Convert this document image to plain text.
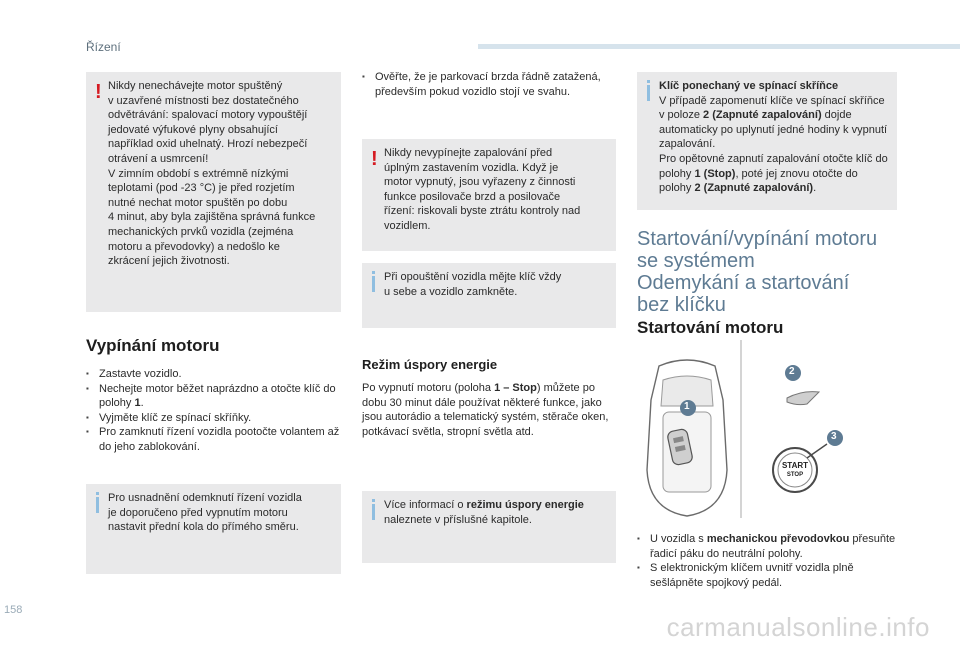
Řízení
! Nikdy nenechávejte motor spuštěný
v uzavřené místnosti bez dostatečného
odvětrávání: spalovací motory vypouštějí
jedovaté výfukové plyny obsahující
například oxid uhelnatý. Hrozí nebezpečí
otrávení a usmrcení!
V zimním období s extrémně nízkými
teplotami (pod -23 °C) je před rozjetím
nutné nechat motor spuštěn po dobu
4 minut, aby byla zajištěna správná funkce
mechanických prvků vozidla (zejména
motoru a převodovky) a nedošlo ke
zkrácení jejich životnosti.

Vypínání motoru
▪ Zastavte vozidlo.
▪ Nechejte motor běžet naprázdno a otočte klíč do polohy 1.
▪ Vyjměte klíč ze spínací skříňky.
▪ Pro zamknutí řízení vozidla pootočte volantem až do jeho zablokování.

Pro usnadnění odemknutí řízení vozidla
je doporučeno před vypnutím motoru
nastavit přední kola do přímého směru.

▪ Ověřte, že je parkovací brzda řádně zatažená, především pokud vozidlo stojí ve svahu.
! Nikdy nevypínejte zapalování před
úplným zastavením vozidla. Když je
motor vypnutý, jsou vyřazeny z činnosti
funkce posilovače brzd a posilovače
řízení: riskovali byste ztrátu kontroly nad
vozidlem.

Při opouštění vozidla mějte klíč vždy
u sebe a vozidlo zamkněte.

Režim úspory energie

Po vypnutí motoru (poloha 1 – Stop) můžete po dobu 30 minut dále používat některé funkce, jako jsou autorádio a telematický systém, stěrače oken, potkávací světla, stropní světla atd.

Více informací o režimu úspory energie naleznete v příslušné kapitole.

Klíč ponechaný ve spínací skříňce
V případě zapomenutí klíče ve spínací skříňce v poloze 2 (Zapnuté zapalování) dojde automaticky po uplynutí jedné hodiny k vypnutí zapalování.
Pro opětovné zapnutí zapalování otočte klíč do polohy 1 (Stop), poté jej znovu otočte do polohy 2 (Zapnuté zapalování).

Startování/vypínání motoru se systémem

Odemykání a startování bez klíčku

Startování motoru
1
2
3
START
STOP
▪ U vozidla s mechanickou převodovkou přesuňte řadicí páku do neutrální polohy.
▪ S elektronickým klíčem uvnitř vozidla plně sešlápněte spojkový pedál.
158
carmanualsonline.info
